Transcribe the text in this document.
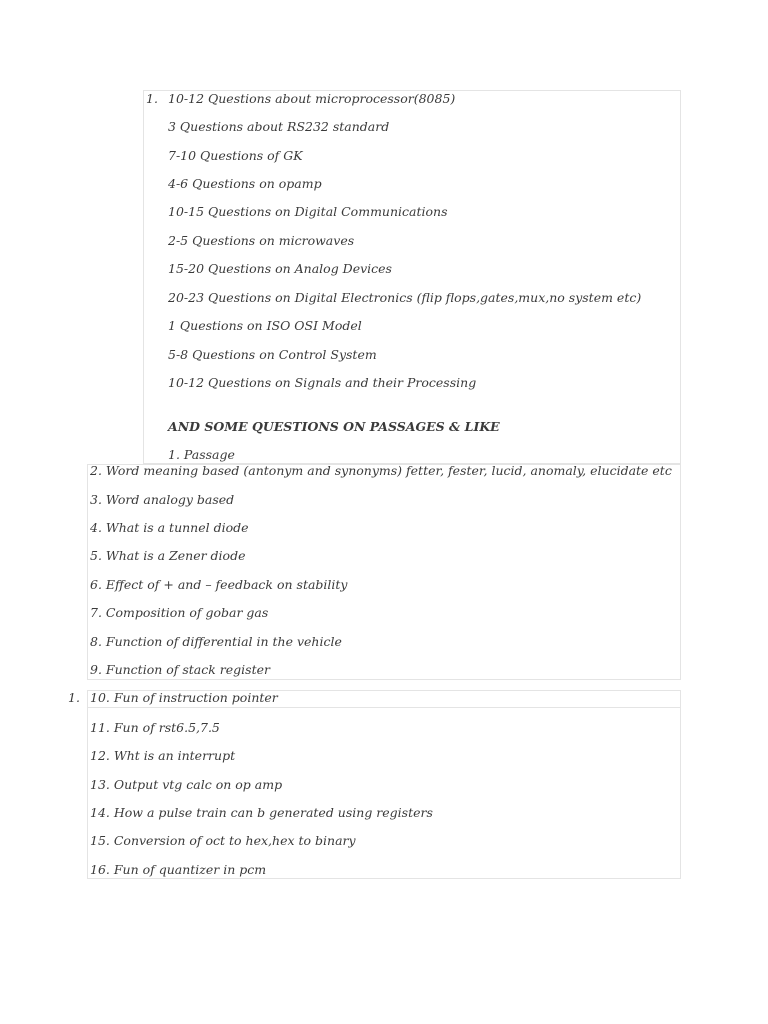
1. 10-12 Questions about microprocessor(8085)
3 Questions about RS232 standard
7-10 Questions of GK
4-6 Questions on opamp
10-15 Questions on Digital Communications
2-5 Questions on microwaves
15-20 Questions on Analog Devices
20-23 Questions on Digital Electronics (flip flops,gates,mux,no system etc)
1 Questions on ISO OSI Model
5-8 Questions on Control System
10-12 Questions on Signals and their Processing
AND SOME QUESTIONS ON PASSAGES & LIKE
1. Passage
2. Word meaning based (antonym and synonyms) fetter, fester, lucid, anomaly, elucidate etc
3. Word analogy based
4. What is a tunnel diode
5. What is a Zener diode
6. Effect of + and – feedback on stability
7. Composition of gobar gas
8. Function of differential in the vehicle
9. Function of stack register
1. 10. Fun of instruction pointer
11. Fun of rst6.5,7.5
12. Wht is an interrupt
13. Output vtg calc on op amp
14. How a pulse train can b generated using registers
15. Conversion of oct to hex,hex to binary
16. Fun of quantizer in pcm
